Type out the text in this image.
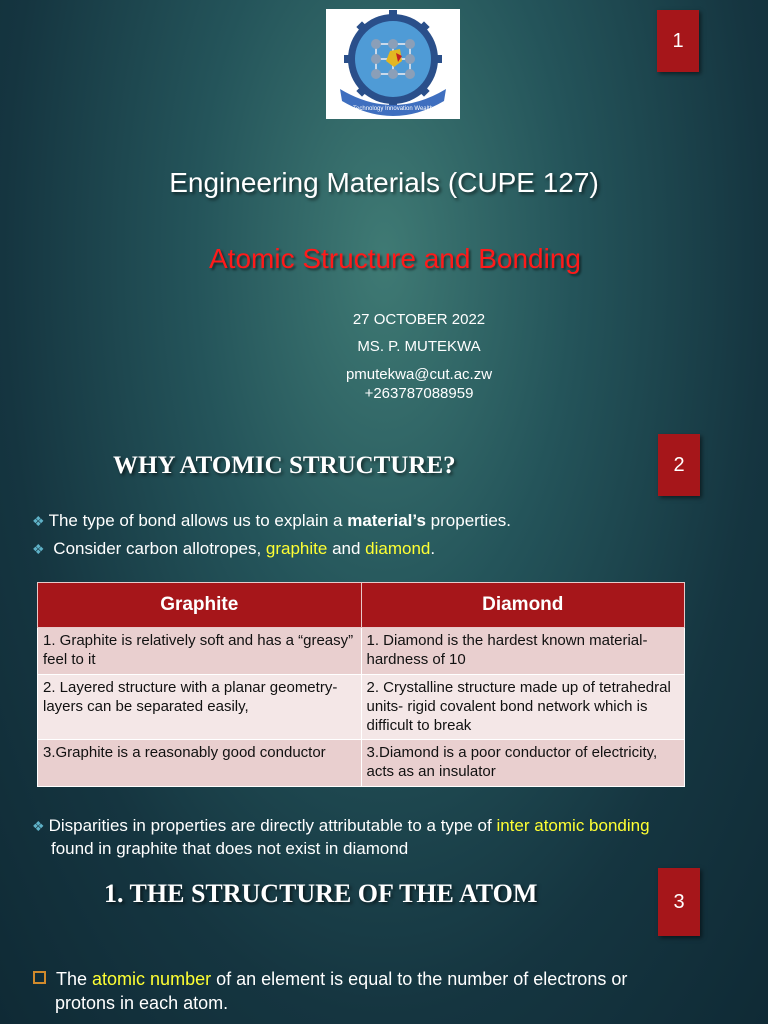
Technology Innovation Wealth
1
Engineering Materials (CUPE 127)
Atomic Structure and Bonding
27 OCTOBER 2022
MS. P. MUTEKWA
pmutekwa@cut.ac.zw
+263787088959
2
WHY ATOMIC STRUCTURE?
❖ The type of bond allows us to explain a material’s properties.
❖ Consider carbon allotropes, graphite and diamond.
Graphite	Diamond
1. Graphite is relatively soft and has a “greasy” feel to it	1. Diamond is the hardest known material- hardness of 10
2. Layered structure with a planar geometry- layers can be separated easily,	2. Crystalline structure made up of tetrahedral units- rigid covalent bond network which is difficult to break
3.Graphite is a reasonably good conductor	3.Diamond is a poor conductor of electricity, acts as an insulator
❖ Disparities in properties are directly attributable to a type of inter atomic bonding
found in graphite that does not exist in diamond
3
1. THE STRUCTURE OF THE ATOM
The atomic number of an element is equal to the number of electrons or
protons in each atom.
